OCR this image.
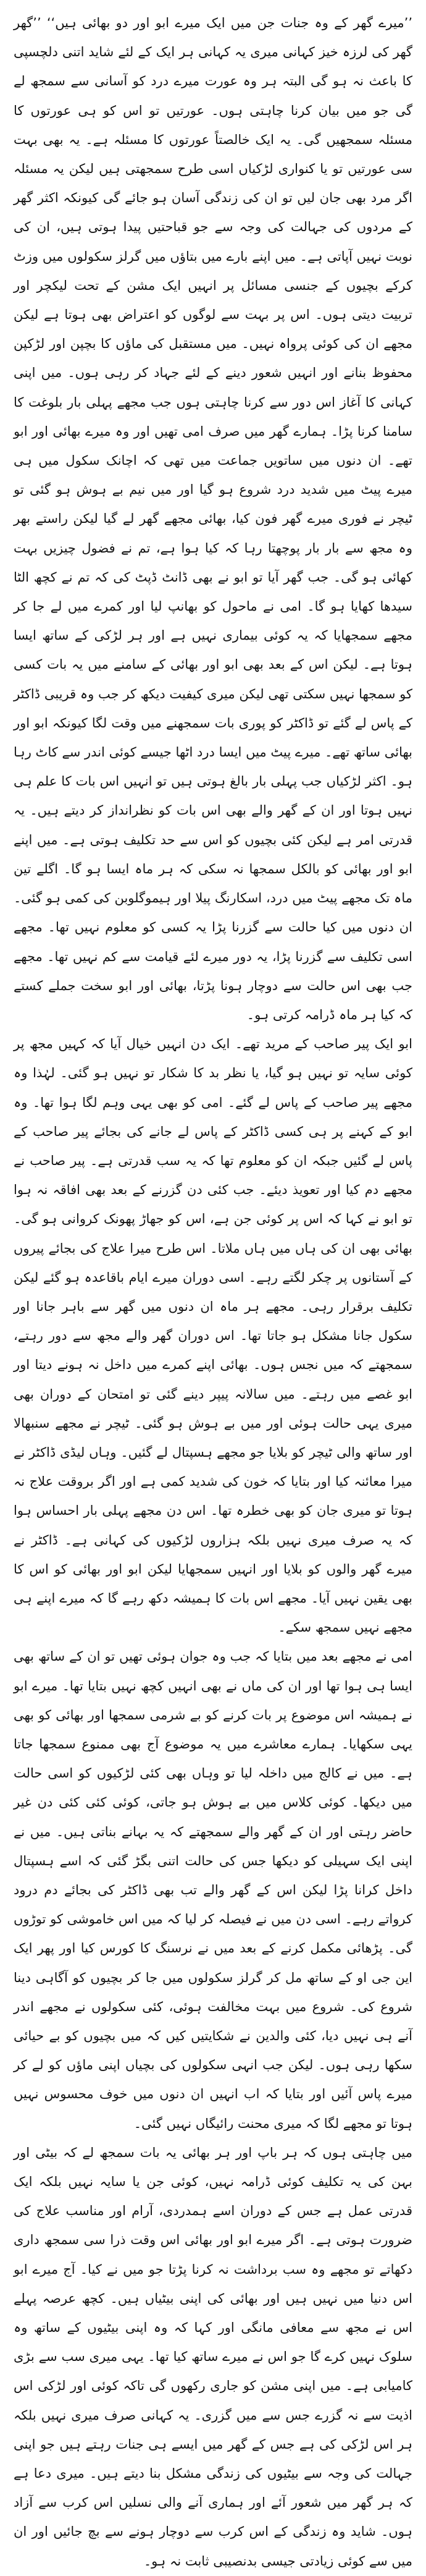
’’میرے گھر کے وہ جنات جن میں ایک میرے ابو اور دو بھائی ہیں‘‘ ’’گھر گھر کی لرزہ خیز کہانی میری یہ کہانی ہر ایک کے لئے شاید اتنی دلچسپی کا باعث نہ ہو گی البتہ ہر وہ عورت میرے درد کو آسانی سے سمجھ لے گی جو میں بیان کرنا چاہتی ہوں۔ عورتیں تو اس کو ہی عورتوں کا مسئلہ سمجھیں گی۔ یہ ایک خالصتاً عورتوں کا مسئلہ ہے۔ یہ بھی بہت سی عورتیں تو یا کنواری لڑکیاں اسی طرح سمجھتی ہیں لیکن یہ مسئلہ اگر مرد بھی جان لیں تو ان کی زندگی آسان ہو جائے گی کیونکہ اکثر گھر کے مردوں کی جہالت کی وجہ سے جو قباحتیں پیدا ہوتی ہیں، ان کی نوبت نہیں آپاتی ہے۔ میں اپنے بارے میں بتاؤں میں گرلز سکولوں میں وزٹ کرکے بچیوں کے جنسی مسائل پر انہیں ایک مشن کے تحت لیکچر اور تربیت دیتی ہوں۔ اس پر بہت سے لوگوں کو اعتراض بھی ہوتا ہے لیکن مجھے ان کی کوئی پرواہ نہیں۔ میں مستقبل کی ماؤں کا بچپن اور لڑکپن محفوظ بنانے اور انہیں شعور دینے کے لئے جہاد کر رہی ہوں۔ میں اپنی کہانی کا آغاز اس دور سے کرنا چاہتی ہوں جب مجھے پہلی بار بلوغت کا سامنا کرنا پڑا۔ ہمارے گھر میں صرف امی تھیں اور وہ میرے بھائی اور ابو تھے۔ ان دنوں میں ساتویں جماعت میں تھی کہ اچانک سکول میں ہی میرے پیٹ میں شدید درد شروع ہو گیا اور میں نیم بے ہوش ہو گئی تو ٹیچر نے فوری میرے گھر فون کیا، بھائی مجھے گھر لے گیا لیکن راستے بھر وہ مجھ سے بار بار پوچھتا رہا کہ کیا ہوا ہے، تم نے فضول چیزیں بہت کھائی ہو گی۔ جب گھر آیا تو ابو نے بھی ڈانٹ ڈپٹ کی کہ تم نے کچھ الٹا سیدھا کھایا ہو گا۔ امی نے ماحول کو بھانپ لیا اور کمرے میں لے جا کر مجھے سمجھایا کہ یہ کوئی بیماری نہیں ہے اور ہر لڑکی کے ساتھ ایسا ہوتا ہے۔ لیکن اس کے بعد بھی ابو اور بھائی کے سامنے میں یہ بات کسی کو سمجھا نہیں سکتی تھی لیکن میری کیفیت دیکھ کر جب وہ قریبی ڈاکٹر کے پاس لے گئے تو ڈاکٹر کو پوری بات سمجھنے میں وقت لگا کیونکہ ابو اور بھائی ساتھ تھے۔ میرے پیٹ میں ایسا درد اٹھا جیسے کوئی اندر سے کاٹ رہا ہو۔ اکثر لڑکیاں جب پہلی بار بالغ ہوتی ہیں تو انہیں اس بات کا علم ہی نہیں ہوتا اور ان کے گھر والے بھی اس بات کو نظرانداز کر دیتے ہیں۔ یہ قدرتی امر ہے لیکن کئی بچیوں کو اس سے حد تکلیف ہوتی ہے۔ میں اپنے ابو اور بھائی کو بالکل سمجھا نہ سکی کہ ہر ماہ ایسا ہو گا۔ اگلے تین ماہ تک مجھے پیٹ میں درد، اسکارنگ پیلا اور ہیموگلوبن کی کمی ہو گئی۔ ان دنوں میں کیا حالت سے گزرنا پڑا یہ کسی کو معلوم نہیں تھا۔ مجھے اسی تکلیف سے گزرنا پڑا، یہ دور میرے لئے قیامت سے کم نہیں تھا۔ مجھے جب بھی اس حالت سے دوچار ہونا پڑتا، بھائی اور ابو سخت جملے کستے کہ کیا ہر ماہ ڈرامہ کرتی ہو۔

ابو ایک پیر صاحب کے مرید تھے۔ ایک دن انہیں خیال آیا کہ کہیں مجھ پر کوئی سایہ تو نہیں ہو گیا، یا نظر بد کا شکار تو نہیں ہو گئی۔ لہٰذا وہ مجھے پیر صاحب کے پاس لے گئے۔ امی کو بھی یہی وہم لگا ہوا تھا۔ وہ ابو کے کہنے پر ہی کسی ڈاکٹر کے پاس لے جانے کی بجائے پیر صاحب کے پاس لے گئیں جبکہ ان کو معلوم تھا کہ یہ سب قدرتی ہے۔ پیر صاحب نے مجھے دم کیا اور تعویذ دیئے۔ جب کئی دن گزرنے کے بعد بھی افاقہ نہ ہوا تو ابو نے کہا کہ اس پر کوئی جن ہے، اس کو جھاڑ پھونک کروانی ہو گی۔ بھائی بھی ان کی ہاں میں ہاں ملاتا۔ اس طرح میرا علاج کی بجائے پیروں کے آستانوں پر چکر لگتے رہے۔ اسی دوران میرے ایام باقاعدہ ہو گئے لیکن تکلیف برقرار رہی۔ مجھے ہر ماہ ان دنوں میں گھر سے باہر جانا اور سکول جانا مشکل ہو جاتا تھا۔ اس دوران گھر والے مجھ سے دور رہتے، سمجھتے کہ میں نجس ہوں۔ بھائی اپنے کمرے میں داخل نہ ہونے دیتا اور ابو غصے میں رہتے۔ میں سالانہ پیپر دینے گئی تو امتحان کے دوران بھی میری یہی حالت ہوئی اور میں بے ہوش ہو گئی۔ ٹیچر نے مجھے سنبھالا اور ساتھ والی ٹیچر کو بلایا جو مجھے ہسپتال لے گئیں۔ وہاں لیڈی ڈاکٹر نے میرا معائنہ کیا اور بتایا کہ خون کی شدید کمی ہے اور اگر بروقت علاج نہ ہوتا تو میری جان کو بھی خطرہ تھا۔ اس دن مجھے پہلی بار احساس ہوا کہ یہ صرف میری نہیں بلکہ ہزاروں لڑکیوں کی کہانی ہے۔ ڈاکٹر نے میرے گھر والوں کو بلایا اور انہیں سمجھایا لیکن ابو اور بھائی کو اس کا بھی یقین نہیں آیا۔ مجھے اس بات کا ہمیشہ دکھ رہے گا کہ میرے اپنے ہی مجھے نہیں سمجھ سکے۔

امی نے مجھے بعد میں بتایا کہ جب وہ جوان ہوئی تھیں تو ان کے ساتھ بھی ایسا ہی ہوا تھا اور ان کی ماں نے بھی انہیں کچھ نہیں بتایا تھا۔ میرے ابو نے ہمیشہ اس موضوع پر بات کرنے کو بے شرمی سمجھا اور بھائی کو بھی یہی سکھایا۔ ہمارے معاشرے میں یہ موضوع آج بھی ممنوع سمجھا جاتا ہے۔ میں نے کالج میں داخلہ لیا تو وہاں بھی کئی لڑکیوں کو اسی حالت میں دیکھا۔ کوئی کلاس میں بے ہوش ہو جاتی، کوئی کئی کئی دن غیر حاضر رہتی اور ان کے گھر والے سمجھتے کہ یہ بہانے بناتی ہیں۔ میں نے اپنی ایک سہیلی کو دیکھا جس کی حالت اتنی بگڑ گئی کہ اسے ہسپتال داخل کرانا پڑا لیکن اس کے گھر والے تب بھی ڈاکٹر کی بجائے دم درود کرواتے رہے۔ اسی دن میں نے فیصلہ کر لیا کہ میں اس خاموشی کو توڑوں گی۔ پڑھائی مکمل کرنے کے بعد میں نے نرسنگ کا کورس کیا اور پھر ایک این جی او کے ساتھ مل کر گرلز سکولوں میں جا کر بچیوں کو آگاہی دینا شروع کی۔ شروع میں بہت مخالفت ہوئی، کئی سکولوں نے مجھے اندر آنے ہی نہیں دیا، کئی والدین نے شکایتیں کیں کہ میں بچیوں کو بے حیائی سکھا رہی ہوں۔ لیکن جب انہی سکولوں کی بچیاں اپنی ماؤں کو لے کر میرے پاس آئیں اور بتایا کہ اب انہیں ان دنوں میں خوف محسوس نہیں ہوتا تو مجھے لگا کہ میری محنت رائیگاں نہیں گئی۔

میں چاہتی ہوں کہ ہر باپ اور ہر بھائی یہ بات سمجھ لے کہ بیٹی اور بہن کی یہ تکلیف کوئی ڈرامہ نہیں، کوئی جن یا سایہ نہیں بلکہ ایک قدرتی عمل ہے جس کے دوران اسے ہمدردی، آرام اور مناسب علاج کی ضرورت ہوتی ہے۔ اگر میرے ابو اور بھائی اس وقت ذرا سی سمجھ داری دکھاتے تو مجھے وہ سب برداشت نہ کرنا پڑتا جو میں نے کیا۔ آج میرے ابو اس دنیا میں نہیں ہیں اور بھائی کی اپنی بیٹیاں ہیں۔ کچھ عرصہ پہلے اس نے مجھ سے معافی مانگی اور کہا کہ وہ اپنی بیٹیوں کے ساتھ وہ سلوک نہیں کرے گا جو اس نے میرے ساتھ کیا تھا۔ یہی میری سب سے بڑی کامیابی ہے۔ میں اپنی مشن کو جاری رکھوں گی تاکہ کوئی اور لڑکی اس اذیت سے نہ گزرے جس سے میں گزری۔ یہ کہانی صرف میری نہیں بلکہ ہر اس لڑکی کی ہے جس کے گھر میں ایسے ہی جنات رہتے ہیں جو اپنی جہالت کی وجہ سے بیٹیوں کی زندگی مشکل بنا دیتے ہیں۔ میری دعا ہے کہ ہر گھر میں شعور آئے اور ہماری آنے والی نسلیں اس کرب سے آزاد ہوں۔ شاید وہ زندگی کے اس کرب سے دوچار ہونے سے بچ جائیں اور ان میں سے کوئی زیادتی جیسی بدنصیبی ثابت نہ ہو۔
